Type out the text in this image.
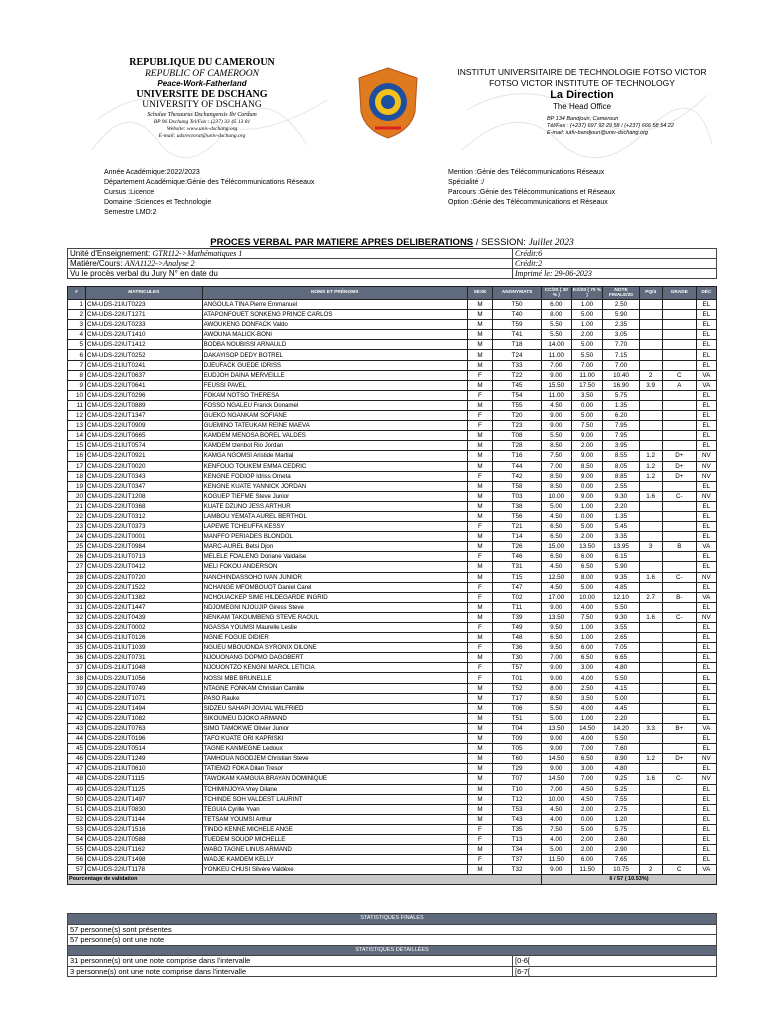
REPUBLIQUE DU CAMEROUN
REPUBLIC OF CAMEROON
Peace-Work-Fatherland
UNIVERSITE DE DSCHANG
UNIVERSITY OF DSCHANG
Scholae Thesaurus Dschangensis Ibi Cordum
BP 96 Dschang Tel/Fax : (237) 33 45 13 81
Website: www.univ-dschang.org
E-mail: udsrectorat@univ-dschang.org
INSTITUT UNIVERSITAIRE DE TECHNOLOGIE FOTSO VICTOR
FOTSO VICTOR INSTITUTE OF TECHNOLOGY
La Direction
The Head Office
BP 134 Bandjoun, Cameroun
Tél/Fax : (+237) 697 92 29 58 / (+237) 666 58 54 22
E-mail: iutfv-bandjoun@univ-dschang.org
Année Académique:2022/2023
Département Académique:Génie des Télécommunications Réseaux
Cursus :Licence
Domaine :Sciences et Technologie
Semestre LMD:2
Mention :Génie des Télécommunications Réseaux
Spécialité :/
Parcours :Génie des Télécommunications et Réseaux
Option :Génie des Télécommunications et Réseaux
PROCES VERBAL PAR MATIERE APRES DELIBERATIONS / SESSION: Juillet 2023
Unité d'Enseignement: GTR112->Mathématiques 1	Crédit:6
Matière/Cours: ANA1122->Analyse 2	Crédit:2
Vu le procès verbal du Jury N° en date du	Imprimé le: 29-06-2023
#	MATRICULES	NOMS ET PRÉNOMS	SEXE	ANONYMATS	CC/20 ( 30 % )	EX/20 ( 70 % )	NOTE FINALE/20	PQ/4	GRADE	DÉC
1	CM-UDS-21IUT0223	ANGOULA TINA Pierre Emmanuel	M	T50	6.00	1.00	2.50			EL
2	CM-UDS-22IUT1271	ATAPONFOUET SONKENG PRINCE CARLOS	M	T40	8.00	5.00	5.90			EL
3	CM-UDS-22IUT0233	AWOUKENG DONFACK Valdo	M	T59	5.50	1.00	2.35			EL
4	CM-UDS-22IUT1410	AWOUNA MALICK-BONI	M	T41	5.50	2.00	3.05			EL
5	CM-UDS-22IUT1412	BODBA NOUBISSI ARNAULD	M	T18	14.00	5.00	7.70			EL
6	CM-UDS-22IUT0252	DAKAYISOP DEDY BOTREL	M	T24	11.00	5.50	7.15			EL
7	CM-UDS-21IUT0241	DJEUFACK GUEDE IDRISS	M	T33	7.00	7.00	7.00			EL
8	CM-UDS-22IUT0637	EUDJOH DAINA MERVEILLE	F	T22	9.00	11.00	10.40	2	C	VA
9	CM-UDS-22IUT0641	FEUSSI PAVEL	M	T45	15.50	17.50	16.90	3.9	A	VA
10	CM-UDS-22IUT0296	FOKAM NOTSO THERESA	F	T54	11.00	3.50	5.75			EL
11	CM-UDS-22IUT0889	FOSSO NGALEU Franck Donamel	M	T55	4.50	0.00	1.35			EL
12	CM-UDS-22IUT1347	GUEKO NGANKAM SOFIANE	F	T20	9.00	5.00	6.20			EL
13	CM-UDS-22IUT0909	GUEMINO TATEUKAM REINE MAEVA	F	T23	9.00	7.50	7.95			EL
14	CM-UDS-22IUT0665	KAMDEM MENOSA BOREL VALDES	M	T08	5.50	9.00	7.95			EL
15	CM-UDS-21IUT0574	KAMDEM tzenbot Rio Jordan	M	T28	8.50	2.00	3.95			EL
16	CM-UDS-22IUT0921	KAMGA NGOMSI Aristide Martial	M	T16	7.50	9.00	8.55	1.2	D+	NV
17	CM-UDS-22IUT0020	KENFOUO TOUKEM EMMA CEDRIC	M	T44	7.00	8.50	8.05	1.2	D+	NV
18	CM-UDS-22IUT0343	KENGNE FODIOP Idriss Ometa	F	T42	8.50	9.00	8.85	1.2	D+	NV
19	CM-UDS-22IUT0347	KENGNE KUATE YANNICK JORDAN	M	T58	8.50	0.00	2.55			EL
20	CM-UDS-22IUT1208	KOGUEP TIEFME Steve Junior	M	T03	10.00	9.00	9.30	1.6	C-	NV
21	CM-UDS-22IUT0368	KUATE DZUNO JESS ARTHUR	M	T38	5.00	1.00	2.20			EL
22	CM-UDS-22IUT0312	LAMBOU YEMATA AUREL BERTHOL	M	T56	4.50	0.00	1.35			EL
23	CM-UDS-22IUT0373	LAPEWE TCHEUFFA KESSY	F	T21	6.50	5.00	5.45			EL
24	CM-UDS-22IUT0001	MANFFO PERIADES BLONDOL	M	T14	6.50	2.00	3.35			EL
25	CM-UDS-22IUT0984	MARC-AUREL Betsi Djon	M	T26	15.00	13.50	13.95	3	B	VA
26	CM-UDS-21IUT0713	MELELE FOALENG Doriane Valdaise	F	T46	6.50	6.00	6.15			EL
27	CM-UDS-22IUT0412	MELI FOKOU ANDERSON	M	T31	4.50	6.50	5.90			EL
28	CM-UDS-22IUT0720	NANCHINDASSOHO IVAN JUNIOR	M	T15	12.50	8.00	9.35	1.6	C-	NV
29	CM-UDS-22IUT1522	NCHANGE MFOMBOUOT Daniel Carel	F	T47	4.50	5.00	4.85			EL
30	CM-UDS-22IUT1382	NCHOUACKEP SIME HILDEGARDE INGRID	F	T02	17.00	10.00	12.10	2.7	B-	VA
31	CM-UDS-22IUT1447	NDJOMEGNI NJOUJIP Giress Steve	M	T11	9.00	4.00	5.50			EL
32	CM-UDS-22IUT0439	NENKAM TAKOUMBENG STEVE RAOUL	M	T39	13.50	7.50	9.30	1.6	C-	NV
33	CM-UDS-22IUT0002	NGASSA YOUMSI Maurelle Leslie	F	T49	9.50	1.00	3.55			EL
34	CM-UDS-21IUT0126	NGNIE FOGUE DIDIER	M	T48	6.50	1.00	2.65			EL
35	CM-UDS-21IUT1039	NGUEU MBOUONDA SYRONIX DILONE	F	T36	9.50	6.00	7.05			EL
36	CM-UDS-22IUT0731	NJOUONANG DOPMO DAGOBERT	M	T30	7.00	6.50	6.65			EL
37	CM-UDS-21IUT1048	NJOUONTZO KENGNI MAROL LETICIA	F	T57	9.00	3.00	4.80			EL
38	CM-UDS-22IUT1056	NOSSI MBE BRUNELLE	F	T01	9.00	4.00	5.50			EL
39	CM-UDS-22IUT0749	NTAGNE FONKAM Christian Camille	M	T52	8.00	2.50	4.15			EL
40	CM-UDS-22IUT1071	PASO Rauke	M	T17	8.50	3.50	5.00			EL
41	CM-UDS-22IUT1494	SIDZEU SAHAPI JOVIAL WILFRIED	M	T06	5.50	4.00	4.45			EL
42	CM-UDS-22IUT1082	SIKOUMEU DJOKO ARMAND	M	T51	5.00	1.00	2.20			EL
43	CM-UDS-22IUT0763	SIMO TAMOKWE Olivier Junior	M	T04	13.50	14.50	14.20	3.3	B+	VA
44	CM-UDS-22IUT0196	TAFO KUATE ORI KAPRISKI	M	T09	9.00	4.00	5.50			EL
45	CM-UDS-22IUT0514	TAGNE KANMEGNE Ledoux	M	T05	9.00	7.00	7.60			EL
46	CM-UDS-22IUT1249	TAMHOUA NGODJEM Christian Steve	M	T60	14.50	6.50	8.90	1.2	D+	NV
47	CM-UDS-21IUT0610	TATIEMZI FOKA Dilan Tresor	M	T29	9.00	3.00	4.80			EL
48	CM-UDS-22IUT1115	TAWOKAM KAMGUIA BRAYAN DOMINIQUE	M	T07	14.50	7.00	9.25	1.6	C-	NV
49	CM-UDS-22IUT1125	TCHIMINJOYA Vrey Dilane	M	T10	7.00	4.50	5.25			EL
50	CM-UDS-22IUT1497	TCHINDE SOH VALDEST LAURINT	M	T12	10.00	4.50	7.55			EL
51	CM-UDS-21IUT0830	TEGUIA Cyrille Yvan	M	T53	4.50	2.00	2.75			EL
52	CM-UDS-22IUT1144	TETSAM YOUMSI Arthur	M	T43	4.00	0.00	1.20			EL
53	CM-UDS-22IUT1516	TINDO KENNE MICHELE ANGE	F	T35	7.50	5.00	5.75			EL
54	CM-UDS-22IUT0588	TUEDEM SOUOP MICHELLE	F	T13	4.00	2.00	2.60			EL
55	CM-UDS-22IUT1162	WABO TAGNE LINUS ARMAND	M	T34	5.00	2.00	2.90			EL
56	CM-UDS-22IUT1498	WADJE KAMDEM KELLY	F	T37	11.50	6.00	7.65			EL
57	CM-UDS-22IUT1178	YONKEU CHUSI Silvère Valdèxe	M	T32	9.00	11.50	10.75	2	C	VA
Pourcentage de validation					6 / 57 ( 10.53%)					
STATISTIQUES FINALES	
57 personne(s) sont présentes	
57 personne(s) ont une note	
STATISTIQUES DÉTAILLÉES	
31 personne(s) ont une note comprise dans l'intervalle	[0-6[
3 personne(s) ont une note comprise dans l'intervalle	[6-7[
